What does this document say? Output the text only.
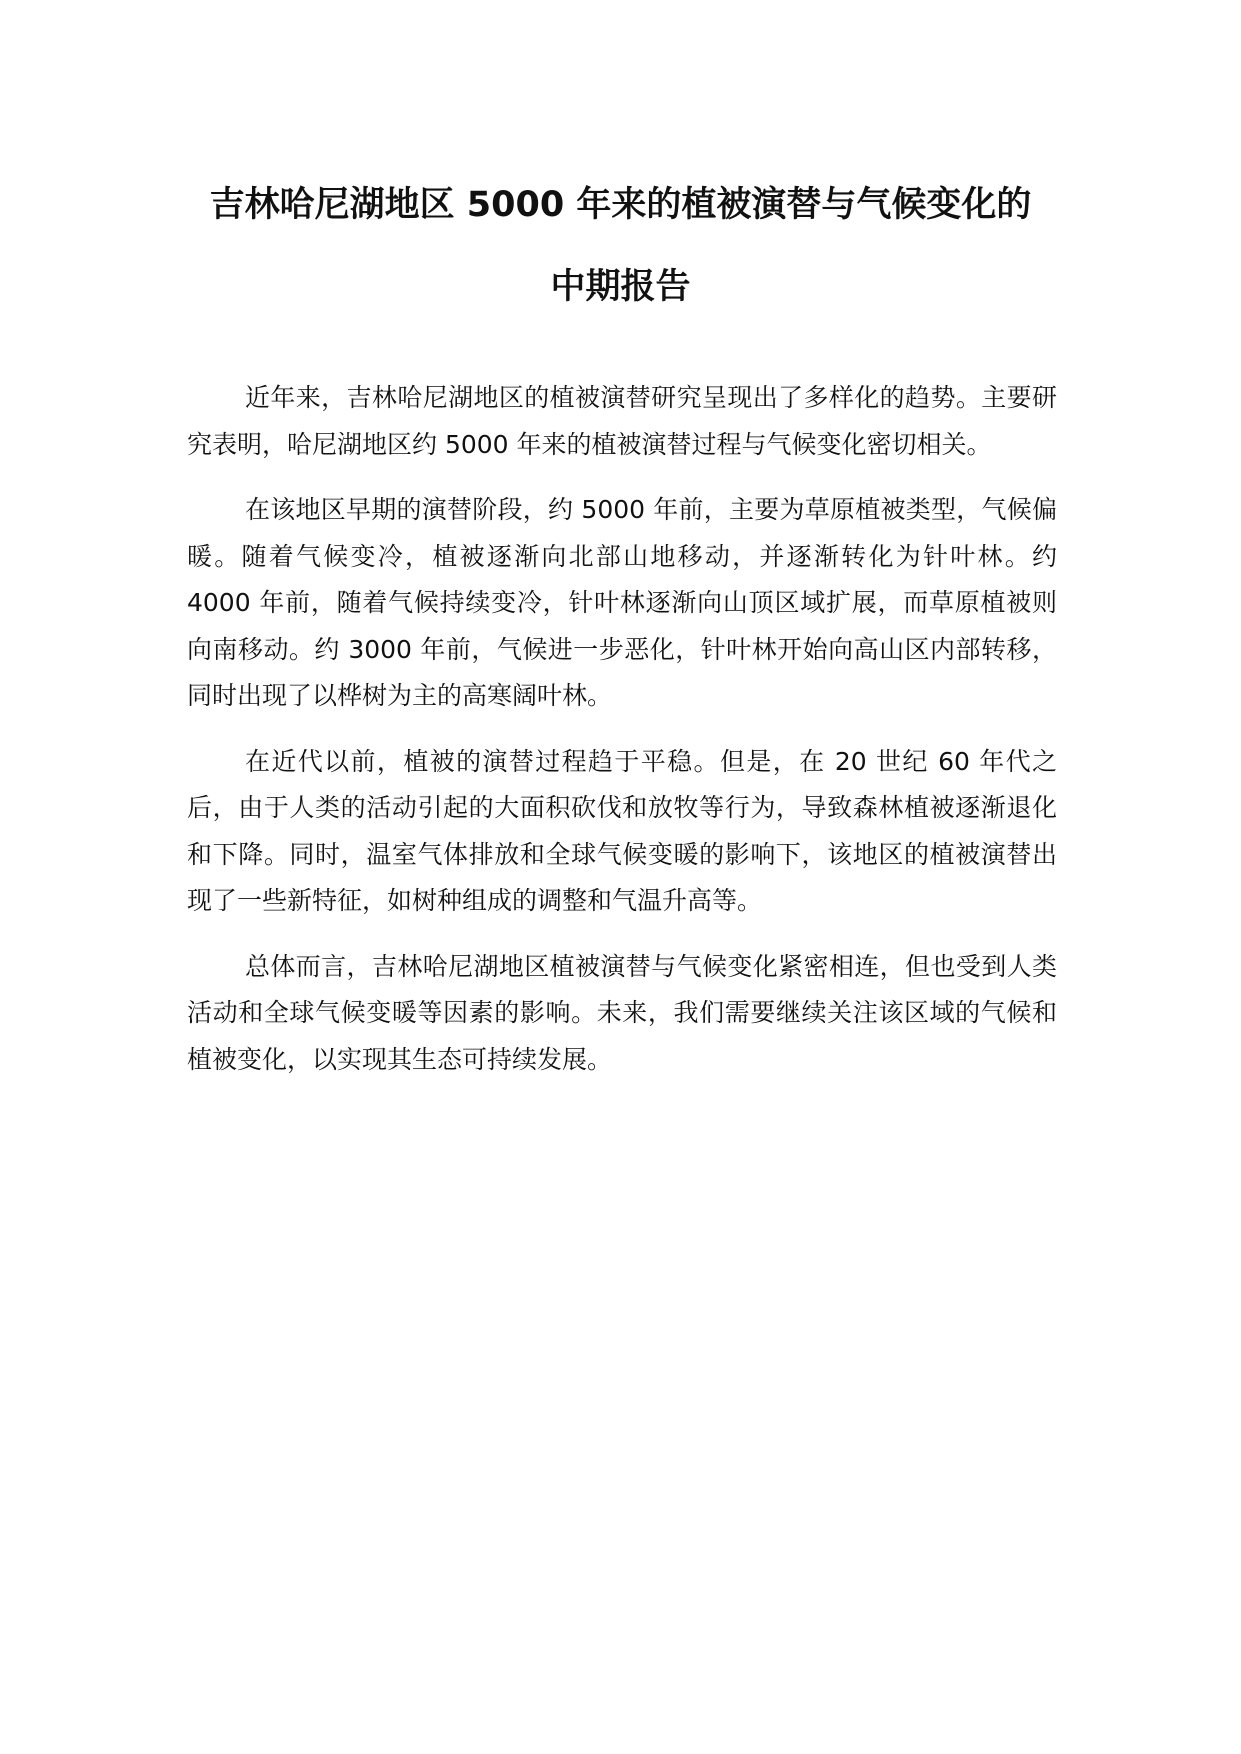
吉林哈尼湖地区 5000 年来的植被演替与气候变化的
中期报告

近年来，吉林哈尼湖地区的植被演替研究呈现出了多样化的趋势。主要研究表明，哈尼湖地区约 5000 年来的植被演替过程与气候变化密切相关。

在该地区早期的演替阶段，约 5000 年前，主要为草原植被类型，气候偏暖。随着气候变冷，植被逐渐向北部山地移动，并逐渐转化为针叶林。约 4000 年前，随着气候持续变冷，针叶林逐渐向山顶区域扩展，而草原植被则向南移动。约 3000 年前，气候进一步恶化，针叶林开始向高山区内部转移，同时出现了以桦树为主的高寒阔叶林。

在近代以前，植被的演替过程趋于平稳。但是，在 20 世纪 60 年代之后，由于人类的活动引起的大面积砍伐和放牧等行为，导致森林植被逐渐退化和下降。同时，温室气体排放和全球气候变暖的影响下，该地区的植被演替出现了一些新特征，如树种组成的调整和气温升高等。

总体而言，吉林哈尼湖地区植被演替与气候变化紧密相连，但也受到人类活动和全球气候变暖等因素的影响。未来，我们需要继续关注该区域的气候和植被变化，以实现其生态可持续发展。
